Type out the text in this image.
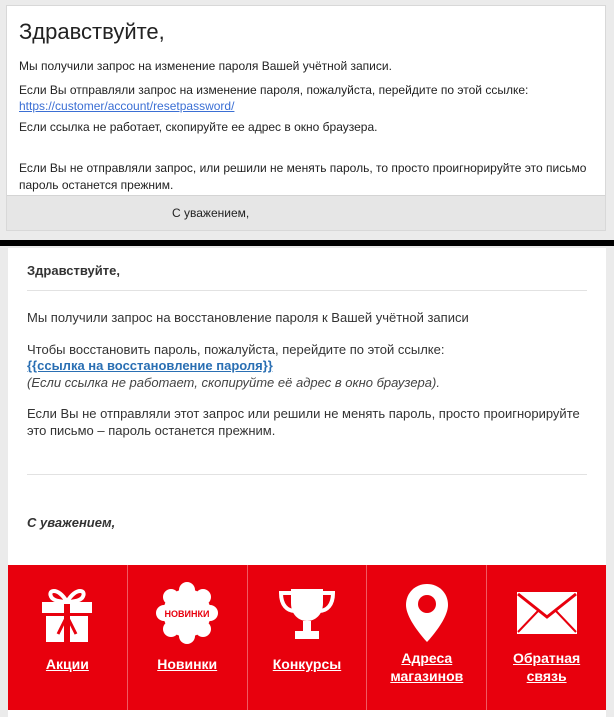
Здравствуйте,
Мы получили запрос на изменение пароля Вашей учётной записи.
Если Вы отправляли запрос на изменение пароля, пожалуйста, перейдите по этой ссылке:
https://customer/account/resetpassword/
Если ссылка не работает, скопируйте ее адрес в окно браузера.
Если Вы не отправляли запрос, или решили не менять пароль, то просто проигнорируйте это письмо
пароль останется прежним.
С уважением,
Здравствуйте,
Мы получили запрос на восстановление пароля к Вашей учётной записи
Чтобы восстановить пароль, пожалуйста, перейдите по этой ссылке:
{{ссылка на восстановление пароля}}
(Если ссылка не работает, скопируйте её адрес в окно браузера).
Если Вы не отправляли этот запрос или решили не менять пароль, просто проигнорируйте
это письмо – пароль останется прежним.
С уважением,
Акции
НОВИНКИ
Новинки	Конкурсы	Адреса
магазинов
Обратная
связь
